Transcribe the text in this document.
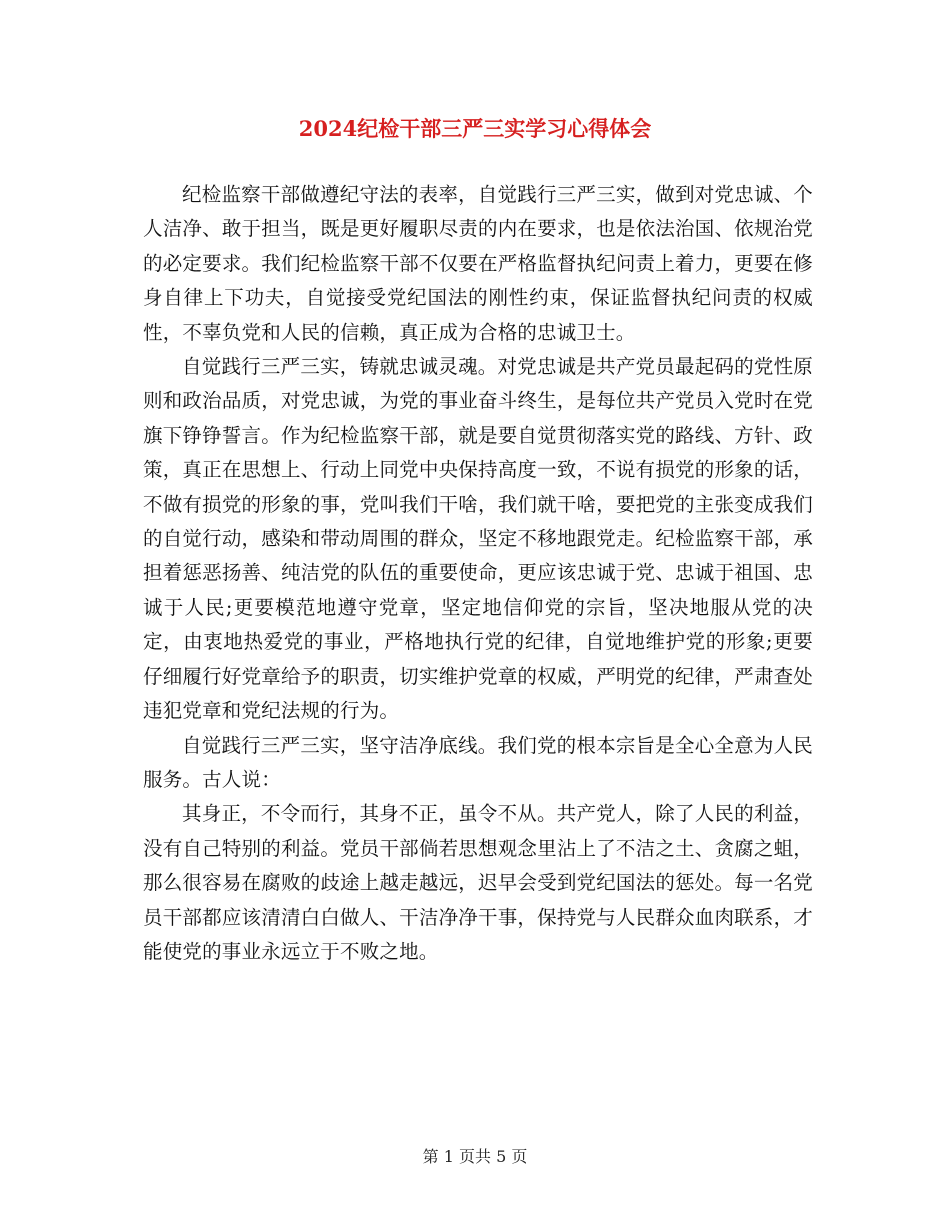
2024纪检干部三严三实学习心得体会

纪检监察干部做遵纪守法的表率，自觉践行三严三实，做到对党忠诚、个人洁净、敢于担当，既是更好履职尽责的内在要求，也是依法治国、依规治党的必定要求。我们纪检监察干部不仅要在严格监督执纪问责上着力，更要在修身自律上下功夫，自觉接受党纪国法的刚性约束，保证监督执纪问责的权威性，不辜负党和人民的信赖，真正成为合格的忠诚卫士。

自觉践行三严三实，铸就忠诚灵魂。对党忠诚是共产党员最起码的党性原则和政治品质，对党忠诚，为党的事业奋斗终生，是每位共产党员入党时在党旗下铮铮誓言。作为纪检监察干部，就是要自觉贯彻落实党的路线、方针、政策，真正在思想上、行动上同党中央保持高度一致，不说有损党的形象的话，不做有损党的形象的事，党叫我们干啥，我们就干啥，要把党的主张变成我们的自觉行动，感染和带动周围的群众，坚定不移地跟党走。纪检监察干部，承担着惩恶扬善、纯洁党的队伍的重要使命，更应该忠诚于党、忠诚于祖国、忠诚于人民;更要模范地遵守党章，坚定地信仰党的宗旨，坚决地服从党的决定，由衷地热爱党的事业，严格地执行党的纪律，自觉地维护党的形象;更要仔细履行好党章给予的职责，切实维护党章的权威，严明党的纪律，严肃查处违犯党章和党纪法规的行为。

自觉践行三严三实，坚守洁净底线。我们党的根本宗旨是全心全意为人民服务。古人说：

其身正，不令而行，其身不正，虽令不从。共产党人，除了人民的利益，没有自己特别的利益。党员干部倘若思想观念里沾上了不洁之土、贪腐之蛆，那么很容易在腐败的歧途上越走越远，迟早会受到党纪国法的惩处。每一名党员干部都应该清清白白做人、干洁净净干事，保持党与人民群众血肉联系，才能使党的事业永远立于不败之地。

第 1 页共 5 页
